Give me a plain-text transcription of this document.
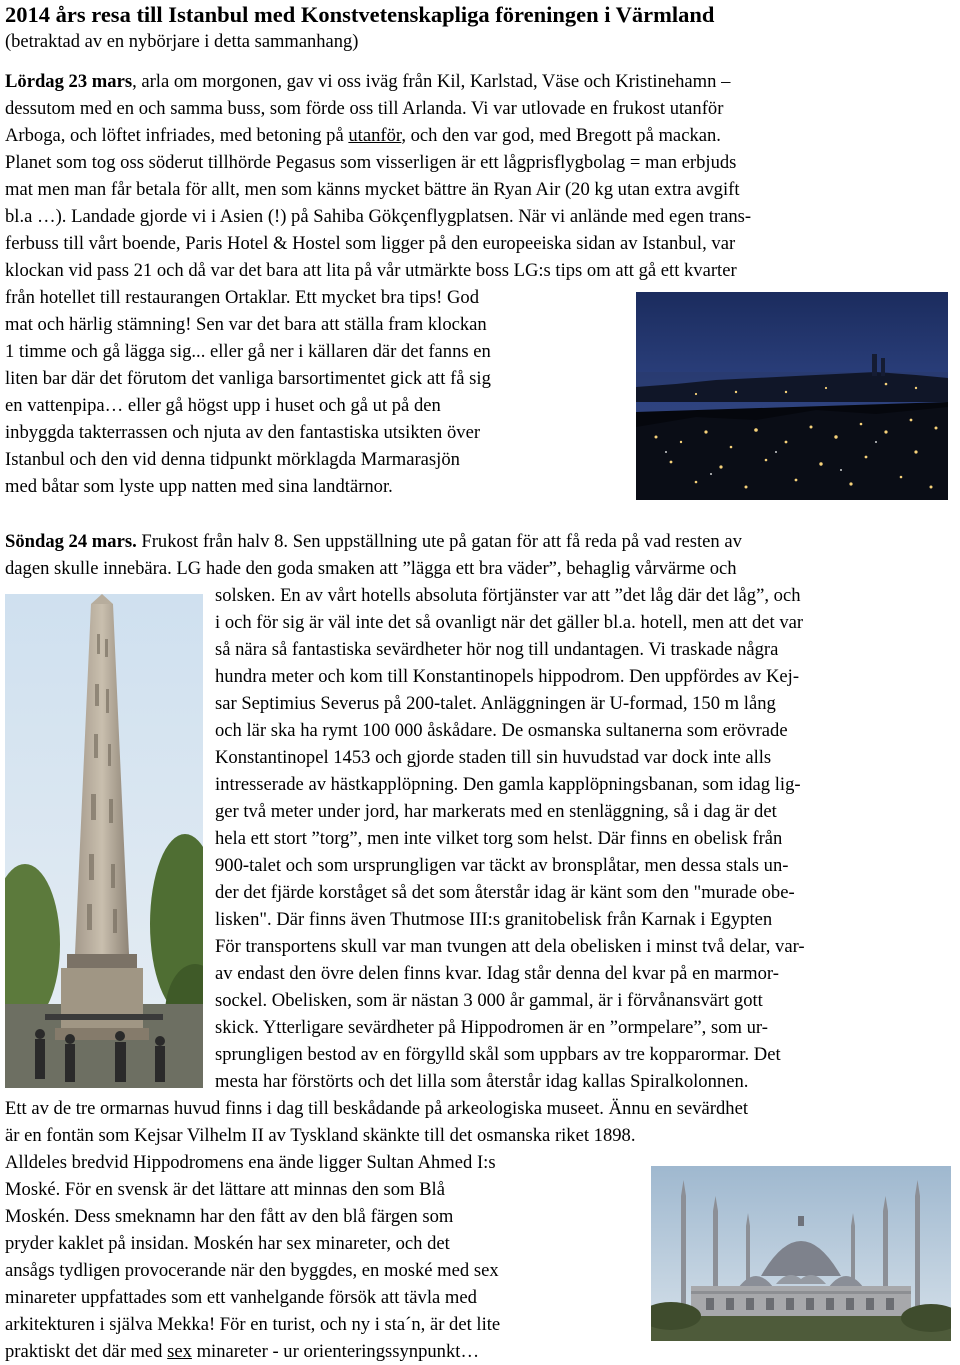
2014 års resa till Istanbul med Konstvetenskapliga föreningen i Värmland
(betraktad av en nybörjare i detta sammanhang)
Lördag 23 mars, arla om morgonen, gav vi oss iväg från Kil, Karlstad, Väse och Kristinehamn –
dessutom med en och samma buss, som förde oss till Arlanda. Vi var utlovade en frukost utanför
Arboga, och löftet infriades, med betoning på utanför, och den var god, med Bregott på mackan.
Planet som tog oss söderut tillhörde Pegasus som visserligen är ett lågprisflygbolag = man erbjuds
mat men man får betala för allt, men som känns mycket bättre än Ryan Air (20 kg utan extra avgift
bl.a …). Landade gjorde vi i Asien (!) på Sahiba Gökçenflygplatsen. När vi anlände med egen trans-
ferbuss till vårt boende, Paris Hotel & Hostel som ligger på den europeeiska sidan av Istanbul, var
klockan vid pass 21 och då var det bara att lita på vår utmärkte boss LG:s tips om att gå ett kvarter
från hotellet till restaurangen Ortaklar. Ett mycket bra tips! God
mat och härlig stämning! Sen var det bara att ställa fram klockan
1 timme och gå lägga sig... eller gå ner i källaren där det fanns en
liten bar där det förutom det vanliga barsortimentet gick att få sig
en vattenpipa… eller gå högst upp i huset och gå ut på den
inbyggda takterrassen och njuta av den fantastiska utsikten över
Istanbul och den vid denna tidpunkt mörklagda Marmarasjön
med båtar som lyste upp natten med sina landtärnor.
Söndag 24 mars. Frukost från halv 8. Sen uppställning ute på gatan för att få reda på vad resten av
dagen skulle innebära. LG hade den goda smaken att ”lägga ett bra väder”, behaglig vårvärme och
solsken. En av vårt hotells absoluta förtjänster var att ”det låg där det låg”, och
i och för sig är väl inte det så ovanligt när det gäller bl.a. hotell, men att det var
så nära så fantastiska sevärdheter hör nog till undantagen. Vi traskade några
hundra meter och kom till Konstantinopels hippodrom. Den uppfördes av Kej-
sar Septimius Severus på 200-talet. Anläggningen är U-formad, 150 m lång
och lär ska ha rymt 100 000 åskådare. De osmanska sultanerna som erövrade
Konstantinopel 1453 och gjorde staden till sin huvudstad var dock inte alls
intresserade av hästkapplöpning. Den gamla kapplöpningsbanan, som idag lig-
ger två meter under jord, har markerats med en stenläggning, så i dag är det
hela ett stort ”torg”, men inte vilket torg som helst. Där finns en obelisk från
900-talet och som ursprungligen var täckt av bronsplåtar, men dessa stals un-
der det fjärde korståget så det som återstår idag är känt som den "murade obe-
lisken". Där finns även Thutmose III:s granitobelisk från Karnak i Egypten
För transportens skull var man tvungen att dela obelisken i minst två delar, var-
av endast den övre delen finns kvar. Idag står denna del kvar på en marmor-
sockel. Obelisken, som är nästan 3 000 år gammal, är i förvånansvärt gott
skick. Ytterligare sevärdheter på Hippodromen är en ”ormpelare”, som ur-
sprungligen bestod av en förgylld skål som uppbars av tre kopparormar. Det
mesta har förstörts och det lilla som återstår idag kallas Spiralkolonnen.
Ett av de tre ormarnas huvud finns i dag till beskådande på arkeologiska museet. Ännu en sevärdhet
är en fontän som Kejsar Vilhelm II av Tyskland skänkte till det osmanska riket 1898.
Alldeles bredvid Hippodromens ena ände ligger Sultan Ahmed I:s
Moské. För en svensk är det lättare att minnas den som Blå
Moskén. Dess smeknamn har den fått av den blå färgen som
pryder kaklet på insidan. Moskén har sex minareter, och det
ansågs tydligen provocerande när den byggdes, en moské med sex
minareter uppfattades som ett vanhelgande försök att tävla med
arkitekturen i själva Mekka! För en turist, och ny i sta´n, är det lite
praktiskt det där med sex minareter - ur orienteringssynpunkt…
